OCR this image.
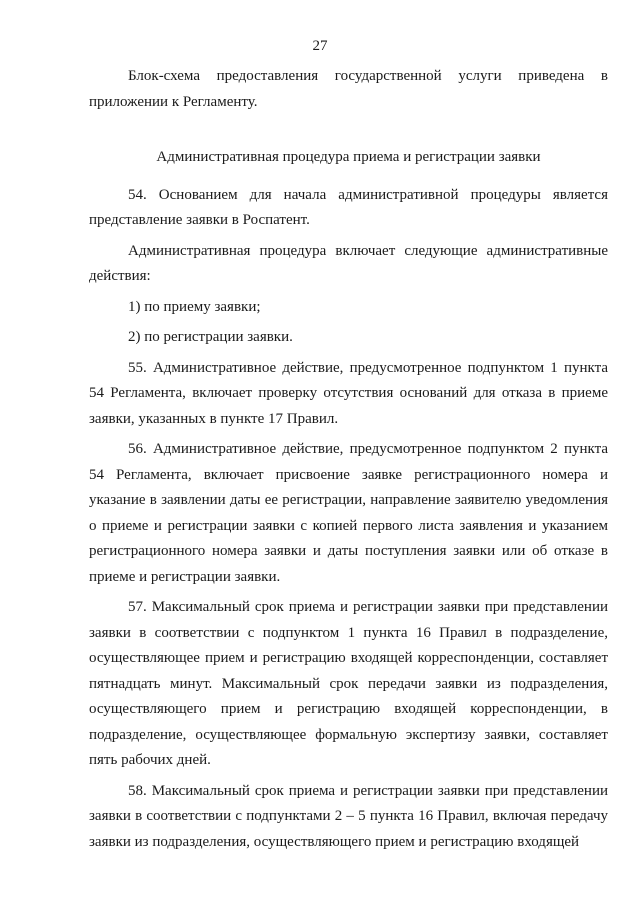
27

Блок-схема предоставления государственной услуги приведена в приложении к Регламенту.

Административная процедура приема и регистрации заявки

54. Основанием для начала административной процедуры является представление заявки в Роспатент.

Административная процедура включает следующие административные действия:

1) по приему заявки;

2) по регистрации заявки.

55. Административное действие, предусмотренное подпунктом 1 пункта 54 Регламента, включает проверку отсутствия оснований для отказа в приеме заявки, указанных в пункте 17 Правил.

56. Административное действие, предусмотренное подпунктом 2 пункта 54 Регламента, включает присвоение заявке регистрационного номера и указание в заявлении даты ее регистрации, направление заявителю уведомления о приеме и регистрации заявки с копией первого листа заявления и указанием регистрационного номера заявки и даты поступления заявки или об отказе в приеме и регистрации заявки.

57. Максимальный срок приема и регистрации заявки при представлении заявки в соответствии с подпунктом 1 пункта 16 Правил в подразделение, осуществляющее прием и регистрацию входящей корреспонденции, составляет пятнадцать минут. Максимальный срок передачи заявки из подразделения, осуществляющего прием и регистрацию входящей корреспонденции, в подразделение, осуществляющее формальную экспертизу заявки, составляет пять рабочих дней.

58. Максимальный срок приема и регистрации заявки при представлении заявки в соответствии с подпунктами 2 – 5 пункта 16 Правил, включая передачу заявки из подразделения, осуществляющего прием и регистрацию входящей
